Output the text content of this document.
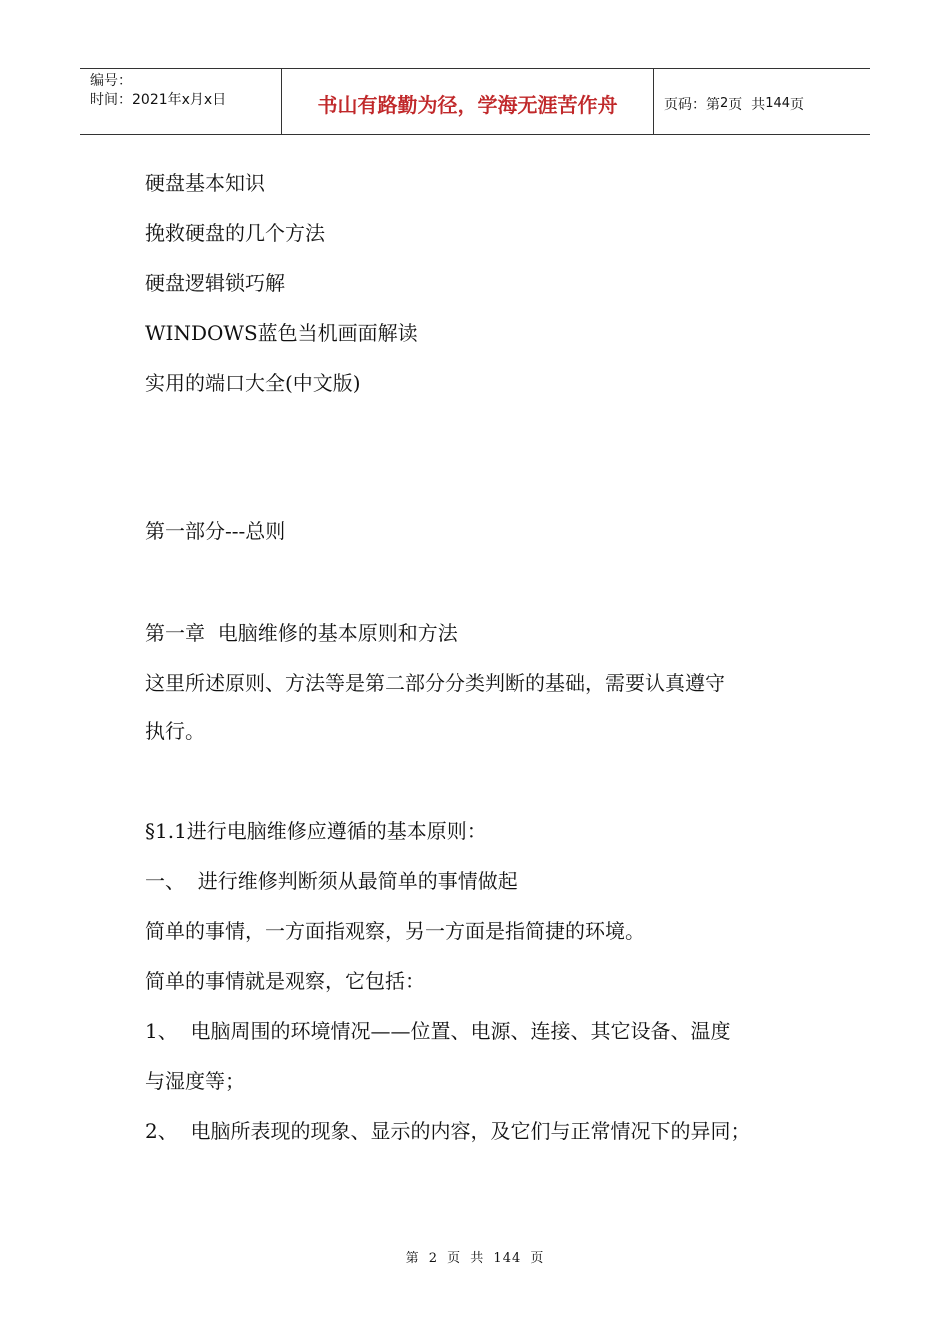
编号：
时间：2021年x月x日	书山有路勤为径，学海无涯苦作舟	页码：第 2 页  共 144 页
硬盘基本知识
挽救硬盘的几个方法
硬盘逻辑锁巧解
WINDOWS蓝色当机画面解读
实用的端口大全(中文版)
第一部分---总则
第一章  电脑维修的基本原则和方法
这里所述原则、方法等是第二部分分类判断的基础，需要认真遵守
执行。
§1.1进行电脑维修应遵循的基本原则：
一、  进行维修判断须从最简单的事情做起
简单的事情，一方面指观察，另一方面是指简捷的环境。
简单的事情就是观察，它包括：
1、  电脑周围的环境情况——位置、电源、连接、其它设备、温度
与湿度等；
2、  电脑所表现的现象、显示的内容，及它们与正常情况下的异同；
第 2 页 共 144 页
